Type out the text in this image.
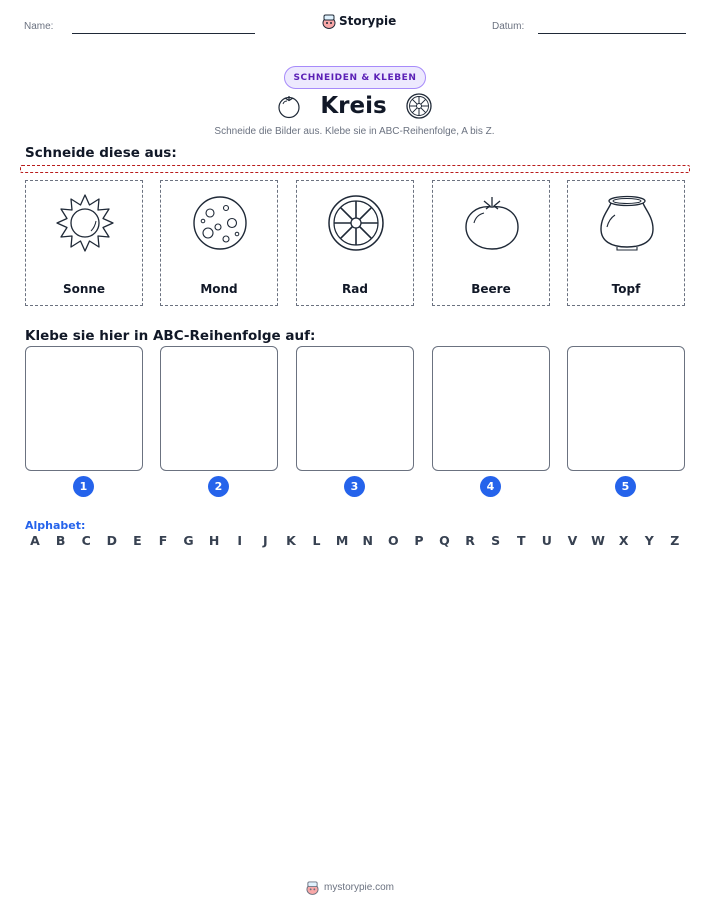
Name:	Storypie	Datum:
SCHNEIDEN & KLEBEN
Kreis
Schneide die Bilder aus. Klebe sie in ABC-Reihenfolge, A bis Z.
Schneide diese aus:
Sonne	Mond	Rad	Beere	Topf
Klebe sie hier in ABC-Reihenfolge auf:
1	2	3	4	5
Alphabet:
A B C D E F G H	I	J	K L M N O P Q R S T U V W X Y Z
mystorypie.com
